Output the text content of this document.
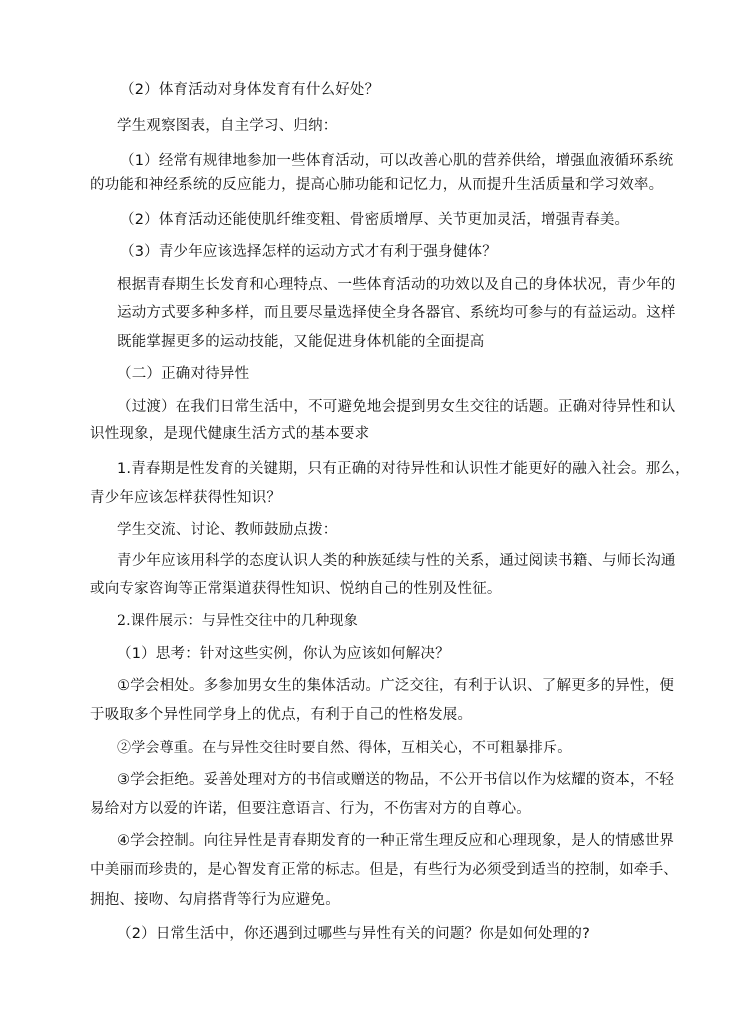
（2）体育活动对身体发育有什么好处？
学生观察图表，自主学习、归纳：
（1）经常有规律地参加一些体育活动，可以改善心肌的营养供给，增强血液循环系统
的功能和神经系统的反应能力，提高心肺功能和记忆力，从而提升生活质量和学习效率。
（2）体育活动还能使肌纤维变粗、骨密质增厚、关节更加灵活，增强青春美。
（3）青少年应该选择怎样的运动方式才有利于强身健体？
根据青春期生长发育和心理特点、一些体育活动的功效以及自己的身体状况，青少年的
运动方式要多种多样，而且要尽量选择使全身各器官、系统均可参与的有益运动。这样
既能掌握更多的运动技能，又能促进身体机能的全面提高
（二）正确对待异性
（过渡）在我们日常生活中，不可避免地会提到男女生交往的话题。正确对待异性和认
识性现象，是现代健康生活方式的基本要求
1.青春期是性发育的关键期，只有正确的对待异性和认识性才能更好的融入社会。那么，
青少年应该怎样获得性知识？
学生交流、讨论、教师鼓励点拨：
青少年应该用科学的态度认识人类的种族延续与性的关系，通过阅读书籍、与师长沟通
或向专家咨询等正常渠道获得性知识、悦纳自己的性别及性征。
2.课件展示：与异性交往中的几种现象
（1）思考：针对这些实例，你认为应该如何解决？
①学会相处。多参加男女生的集体活动。广泛交往，有利于认识、了解更多的异性，便
于吸取多个异性同学身上的优点，有利于自己的性格发展。
②学会尊重。在与异性交往时要自然、得体，互相关心，不可粗暴排斥。
③学会拒绝。妥善处理对方的书信或赠送的物品，不公开书信以作为炫耀的资本，不轻
易给对方以爱的许诺，但要注意语言、行为，不伤害对方的自尊心。
④学会控制。向往异性是青春期发育的一种正常生理反应和心理现象，是人的情感世界
中美丽而珍贵的，是心智发育正常的标志。但是，有些行为必须受到适当的控制，如牵手、
拥抱、接吻、勾肩搭背等行为应避免。
（2）日常生活中，你还遇到过哪些与异性有关的问题？你是如何处理的?
